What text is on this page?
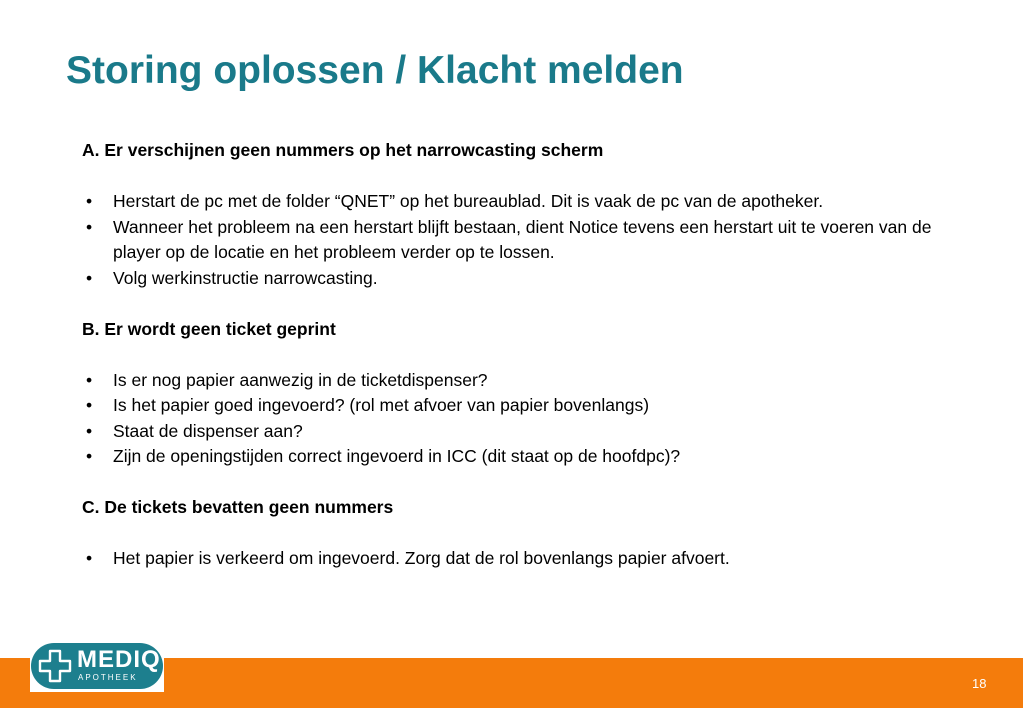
Storing oplossen / Klacht melden
A. Er verschijnen geen nummers op het narrowcasting scherm
•	Herstart de pc met de folder “QNET” op het bureaublad. Dit is vaak de pc van de apotheker.
•	Wanneer het probleem na een herstart blijft bestaan, dient Notice tevens een herstart uit te voeren van de player op de locatie en het probleem verder op te lossen.
•	Volg werkinstructie narrowcasting.
B. Er wordt geen ticket geprint
•	Is er nog papier aanwezig in de ticketdispenser?
•	Is het papier goed ingevoerd? (rol met afvoer van papier bovenlangs)
•	Staat de dispenser aan?
•	Zijn de openingstijden correct ingevoerd in ICC (dit staat op de hoofdpc)?
C. De tickets bevatten geen nummers
•	Het papier is verkeerd om ingevoerd. Zorg dat de rol bovenlangs papier afvoert.
MEDIQ
APOTHEEK	18
